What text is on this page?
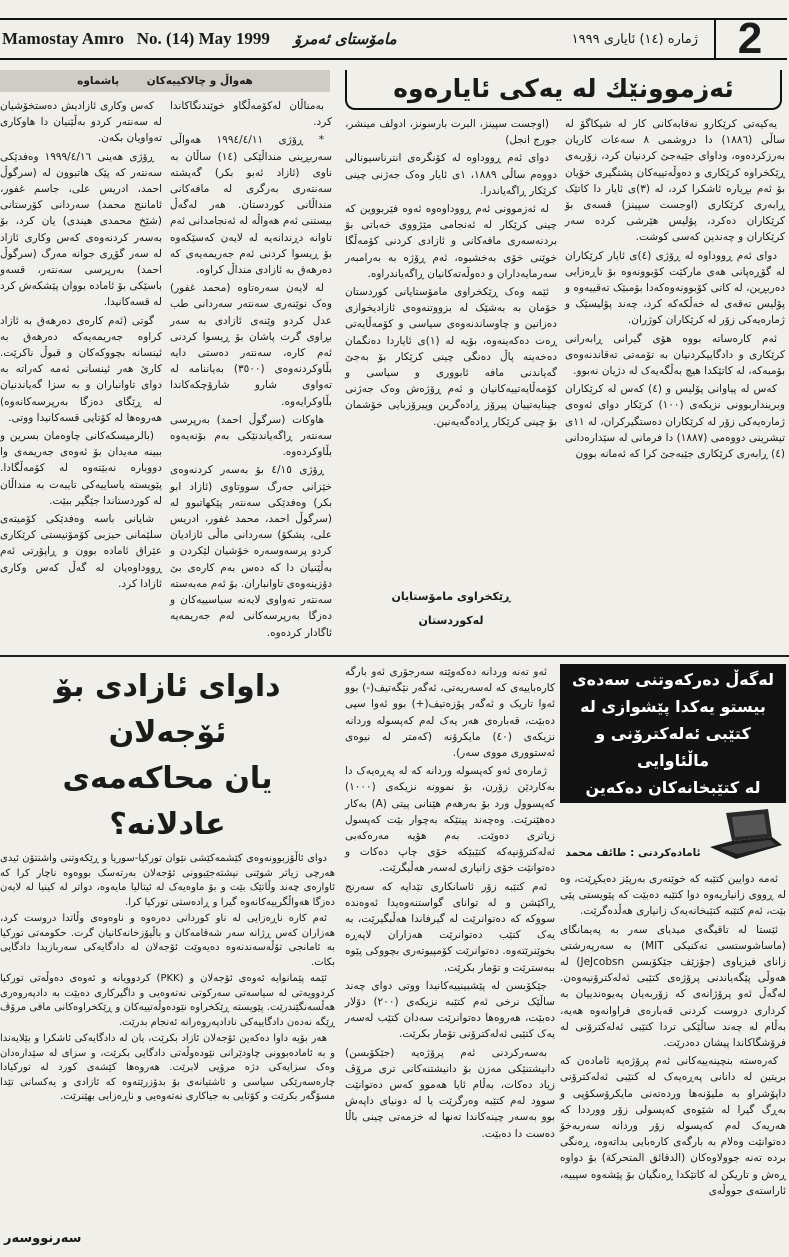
Mamostay Amro   No. (14) May 1999 مامۆستای ئەمرۆ	ژمارە (١٤) ئایاری ١٩٩٩ 2
ئەزموونێك لە یەکی ئایارەوە

یەکیەتی کرێکارو نەقابەکانی کار لە شیکاگۆ لە ساڵی (١٨٨٦) دا دروشمی ٨ سەعات کاریان بەرزکردەوە، وداوای جێبەجێ کردنیان کرد، زۆربەی ڕێکخراوە کرێکاری و دەوڵەتییەکان پشتگیری خۆیان بۆ ئەم بڕیارە ئاشکرا کرد، لە (٣)ی ئایار دا کاتێک ڕابەری کرێکاری (اوجست سپینز) قسەی بۆ کرێکاران دەکرد، پۆلیس هێرشی کردە سەر کرێکاران و چەندین کەسی کوشت.

دوای ئەم ڕووداوە لە ڕۆژی (٤)ی ئایار کرێکاران لە گۆڕەپانی هەی مارکێت کۆبوونەوە بۆ ناڕەزایی دەربڕین، لە کاتی کۆبوونەوەکەدا بۆمبێک تەقییەوە و پۆلیس تەقەی لە خەڵکەکە کرد، چەند پۆلیسێک و ژمارەیەکی زۆر لە کرێکاران کوژران.

ئەم کارەساتە بووە هۆی گیرانی ڕابەرانی کرێکاری و دادگاییکردنیان بە تۆمەتی تەقاندنەوەی بۆمبەکە، لە کاتێکدا هیچ بەڵگەیەک لە دژیان نەبوو.

کەس لە پیاوانی پۆلیس و (٤) کەس لە کرێکاران وبرینداربوونی نزیکەی (١٠٠) کرێکار دوای ئەوەی ژمارەیەکی زۆر لە کرێکاران دەستگیرکران، لە ١١ی تیشرینی دووەمی (١٨٨٧) دا فرمانی لە سێدارەدانی (٤) ڕابەری کرێکاری جێبەجێ کرا کە ئەمانە بوون

(اوجست سپینز، البرت بارسونز، ادولف مینشر، جورج انجل)

دوای ئەم ڕووداوە لە کۆنگرەی انترناسیونالی دووەم ساڵی ١٨٨٩، ١ی ئایار وەک جەژنی چینی کرێکار ڕاگەیاندرا.

لە ئەزموونی ئەم ڕووداوەوە ئەوە فێربووین کە چینی کرێکار لە ئەنجامی مێژووی خەباتی بۆ بردنەسەری مافەکانی و ئازادی کردنی کۆمەڵگا خوێنی خۆی بەخشیوە، ئەم ڕۆژە بە بەرامبەر سەرمایەداران و دەوڵەتەکانیان ڕاگەیاندراوە.

ئێمە وەک ڕێکخراوی مامۆستایانی کوردستان خۆمان بە بەشێک لە بزووتنەوەی ئازادیخوازی دەزانین و چاوساندنەوەی سیاسی و کۆمەڵایەتی ڕەت دەکەینەوە، بۆیە لە (١)ی ئایاردا دەنگمان دەخەینە پاڵ دەنگی چینی کرێکار بۆ بەجێ گەیاندنی مافە ئابووری و سیاسی و کۆمەڵایەتییەکانیان و ئەم ڕۆژەش وەک جەژنی چینایەتییان پیرۆز ڕادەگرین وپیرۆزبایی خۆشمان بۆ چینی کرێکار ڕادەگەیەنین.

ڕێکخراوی مامۆستایان
لەکوردستان
هەواڵ و چالاکییەکان پاشماوە

بەمناڵان لەکۆمەڵگاو خوێندنگاکاندا کرد.

* ڕۆژی ١٩٩٤/٤/١١ هەواڵی سەربڕینی منداڵێکی (١٤) ساڵان بە ناوی (ئازاد ئەبو بکر) گەیشتە سەنتەری بەرگری لە مافەکانی منداڵانی کوردستان. هەر لەگەڵ بیستنی ئەم هەواڵە لە ئەنجامدانی ئەم تاوانە دڕندانەیە لە لایەن کەسێکەوە بۆ ڕیسوا کردنی ئەم جەریمەیەی کە دەرهەق بە ئازادی منداڵ کراوە.

لە لایەن سەرەتاوە (محمد غفور) وەک نوێنەری سەنتەر سەردانی طب عدل کردو وێنەی ئازادی بە سەر بڕاوی گرت پاشان بۆ ڕیسوا کردنی ئەم کارە، سەنتەر دەستی دایە بڵاوکردنەوەی (٣٥٠٠) بەیاننامە لە تەواوی شارو شارۆچکەکاندا بڵاوکرایەوە.

هاوکات (سرگوڵ احمد) بەرپرسی سەنتەر ڕاگەیاندنێکی بەم بۆنەیەوە بڵاوکردەوە.

ڕۆژی ٤/١٥ بۆ بەسەر کردنەوەی خێزانی جەرگ سووتاوی (ئازاد ابو بکر) وەفدێکی سەنتەر پێکهاتبوو لە (سرگوڵ احمد، محمد غفور، ادریس علی، پشکۆ) سەردانی ماڵی ئازادیان کردو پرسەوسەرە خۆشیان لێکردن و بەڵێنیان دا کە دەس بەم کارەی بێ دۆزینەوەی تاوانباران. بۆ ئەم مەبەستە سەنتەر تەواوی لایەنە سیاسییەکان و دەزگا بەرپرسەکانی لەم جەریمەیە ئاگادار کردەوە.

کەس وکاری ئازادیش دەستخۆشیان لە سەنتەر کردو بەڵێنیان دا هاوکاری تەواویان بکەن.

ڕۆژی هەینی ١٩٩٩/٤/١٦ وەفدێکی سەنتەر کە پێک هاتبوون لە (سرگوڵ احمد، ادریس علی، جاسم غفور، ئاماننج محمد) سەردانی کۆرستانی (شێخ محمدی هیندی) یان کرد، بۆ بەسەر کردنەوەی کەس وکاری ئازاد لە سەر گۆڕی جوانە مەرگ (سرگوڵ احمد) بەرپرسی سەنتەر، قسەو باسێکی بۆ ئامادە بووان پێشکەش کرد لە قسەکانیدا.

گوتی (ئەم کارەی دەرهەق بە ئازاد کراوە جەریمەیەکە دەرهەق بە ئینسانە بچووکەکان و قبوڵ ناکرێت. کارێ هەر ئینسانی ئەمە کەراتە بە دوای تاوانباران و بە سزا گەیاندنیان لە ڕێگای دەزگا بەرپرسەکانەوە) هەروەها لە کۆتایی قسەکانیدا ووتی.

(بالرمیسکەکانی چاوەمان بسرین و ببینە مەیدان بۆ ئەوەی جەریمەی وا دووبارە نەبێتەوە لە کۆمەڵگادا. پێویستە یاساییەکی تایبەت بە منداڵان لە کوردستاندا جێگیر ببێت.

شایانی باسە وەفدێکی کۆمیتەی سلێمانی حیزبی کۆمۆنیستی کرێکاری عێراق ئامادە بوون و ڕاپۆرتی ئەم ڕووداوەیان لە گەڵ کەس وکاری ئازادا کرد.

داوای ئازادی بۆ ئۆجەلان
یان محاکەمەی عادلانە؟

دوای ئاڵۆزبوونەوەی کێشمەکێشی نێوان تورکیا-سوریا و ڕێکەوتنی واشنتۆن ئیدی هەرچی زیاتر شوێنی نیشتەجێبوونی ئۆجەلان بەرتەسک بووەوە ناچار کرا کە ئاوارەی چەند وڵاتێک بێت و بۆ ماوەیەک لە ئیتالیا مایەوە، دواتر لە کینیا لە لایەن دەزگا هەواڵگرییەکانەوە گیرا و ڕادەستی تورکیا کرا.

ئەم کارە ناڕەزایی لە ناو کوردانی دەرەوە و ناوەوەی وڵاتدا دروست کرد، هەزاران کەس ڕژانە سەر شەقامەکان و باڵیۆزخانەکانیان گرت. حکومەتی تورکیا بە ئامانجی تۆڵەسەندنەوە دەیەوێت ئۆجەلان لە دادگایەکی سەربازیدا دادگایی بکات.

ئێمە پێمانوایە ئەوەی ئۆجەلان و (PKK) کردوویانە و ئەوەی دەوڵەتی تورکیا کردوویەتی لە سیاسەتی سەرکوتی نەتەوەیی و داگیرکاری دەبێت بە دادپەروەری هەڵسەنگێندرێت. پێویستە ڕێکخراوە نێودەوڵەتییەکان و ڕێکخراوەکانی مافی مرۆڤ ڕێگە نەدەن دادگاییەکی نادادپەروەرانە ئەنجام بدرێت.

هەر بۆیە داوا دەکەین ئۆجەلان ئازاد بکرێت، یان لە دادگایەکی ئاشکرا و بێلایەندا و بە ئامادەبوونی چاودێرانی نێودەوڵەتی دادگایی بکرێت، و سزای لە سێدارەدان وەک سزایەکی دژە مرۆیی لابرێت. هەروەها کێشەی کورد لە تورکیادا چارەسەرێکی سیاسی و ئاشتیانەی بۆ بدۆزرێتەوە کە ئازادی و یەکسانی تێدا مسۆگەر بکرێت و کۆتایی بە جیاکاری نەتەوەیی و ناڕەزایی بهێنرێت.

سەرنووسەر

ئەو تەنە وردانە دەکەوێتە سەرجۆری ئەو بارگە کارەباییەی کە لەسەریەتی، ئەگەر نێگەتیف(-) بوو ئەوا تاریک و ئەگەر پۆزەتیف(+) بوو ئەوا سپی دەبێت، قەبارەی هەر یەک لەم کەپسولە وردانە نزیکەی (٤٠) مایکرۆنە (کەمتر لە نیوەی ئەستووری مووی سەر).

ژمارەی ئەو کەپسولە وردانە کە لە پەڕەیەک دا بەکاردێن زۆرن، بۆ نموونە نزیکەی (١٠٠٠) کەپسوول ورد بۆ بەرهەم هێنانی پیتی (A) بەکار دەهێنرێت. وەچەند پیتێکە بەچوار بێت کەپسول زیاتری دەوێت. بەم هۆیە مەرەکەبی ئەلەکترۆنیەکە کتێبێکە خۆی چاپ دەکات و دەتوانێت خۆی زانیاری لەسەر هەڵبگرێت.

ئەم کتێبە زۆر ئاسانکاری تێدایە کە سەرنج ڕاکێشن و لە توانای گواستنەوەیدا ئەوەندە سووکە کە دەتوانرێت لە گیرفاندا هەڵبگیرێت، بە یەک کتێب دەتوانرێت هەزاران لاپەڕە بخوێنرێتەوە. دەتوانرێت کۆمپیوتەری بچووکی پێوە ببەسترێت و تۆمار بکرێت.

جێکۆبسن لە پێشبینییەکانیدا ووتی دوای چەند ساڵێک نرخی ئەم کتێبە نزیکەی (٢٠٠) دۆلار دەبێت، هەروەها دەتوانرێت سەدان کتێب لەسەر یەک کتێبی ئەلەکترۆنی تۆمار بکرێت.

بەسەرکردنی ئەم پرۆژەیە (جێکۆبسن) دانیشتنێکی مەزن بۆ دانیشتنەکانی تری مرۆڤ زیاد دەکات، بەڵام ئایا هەموو کەس دەتوانێت سوود لەم کتێبە وەرگرێت یا لە دونیای داپەش بوو بەسەر چینەکاندا تەنها لە خزمەتی چینی باڵا دەست دا دەبێت.

لەگەڵ دەرکەوتنی سەدەی
بیستو یەکدا پێشوازی لە
کتێبی ئەلەکترۆنی و ماڵئاوایی
لە کتێبخانەکان دەکەین
ئامادەکردنی : طائف محمد

ئەمە دوایین کتێبە کە خوێنەری بەرپێز دەیکڕێت، وە لە ڕووی زانیاریەوە دوا کتێبە دەبێت کە پێویستی پێی بێت، ئەم کتێبە کتێبخانەیەک زانیاری هەڵدەگرێت.

ئێستا لە تاقیگەی میدیای سەر بە پەیمانگای (ماساشوستسی تەکنیکی MIT) بە سەرپەرشتی زانای فیزیاوی (جۆزێف جێکۆبسن JeJcobsn) لە هەوڵی پێگەیاندنی پرۆژەی کتێبی ئەلەکترۆنیەوەن. لەگەڵ ئەو پرۆژانەی کە زۆربەیان پەیوەندییان بە کرداری دروست کردنی قەبارەی فراوانەوە هەیە، بەڵام لە چەند ساڵێکی تردا کتێبی ئەلەکترۆنی لە فرۆشگاکاندا پیشان دەدرێت.

کەرەستە بنچینەییەکانی ئەم پرۆژەیە ئامادەن کە بریتین لە دانانی پەڕەیەک لە کتێبی ئەلەکترۆنی داپۆشراو بە ملیۆنەها وردەتەنی مایکرۆسکۆپی و بەڕگ گیرا لە شێوەی کەپسولی زۆر وورددا کە هەریەک لەم کەپسولە زۆر وردانە سەربەخۆ دەتوانێت وەلام بە بارگەی کارەبایی بداتەوە، ڕەنگی بردە تەنە جوولاوەکان (الدقائق المتحرکة) بۆ دواوە ڕەش و تاریکن لە کاتێکدا ڕەنگیان بۆ پێشەوە سپییە، ئاراستەی جووڵەی
